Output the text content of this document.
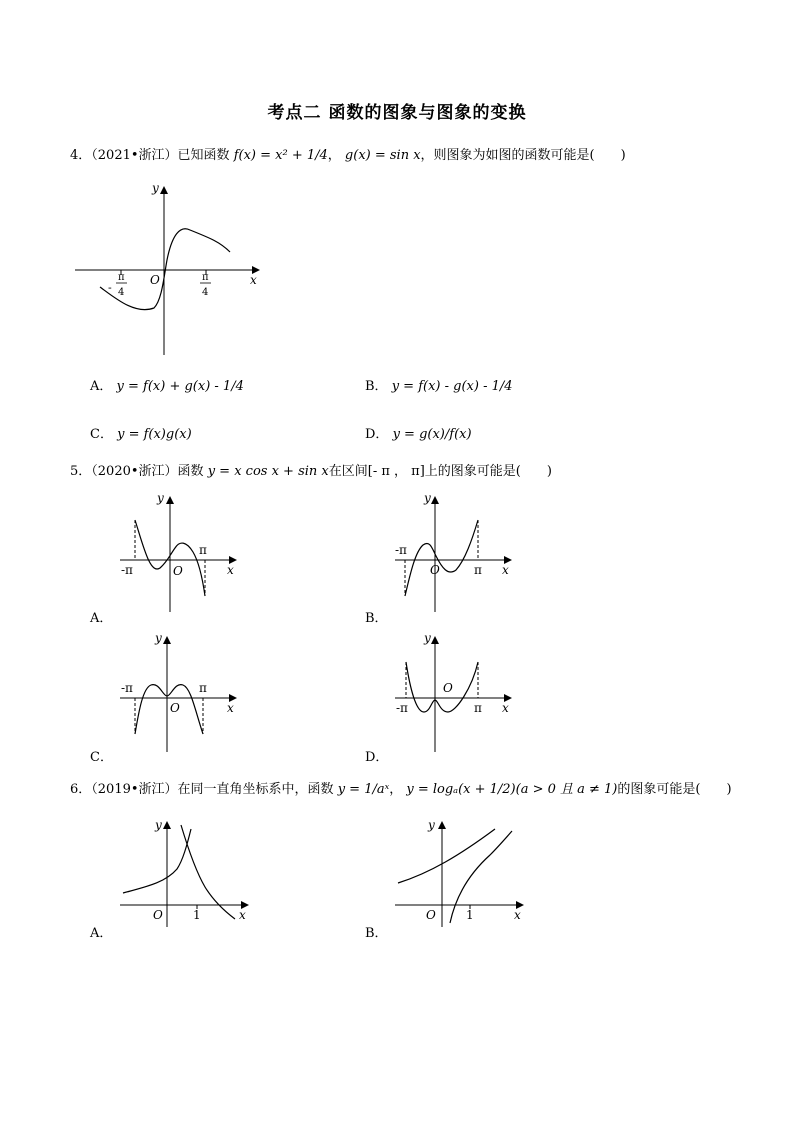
考点二 函数的图象与图象的变换
4．（2021•浙江）已知函数 f(x) = x² + 1/4， g(x) = sin x，则图象为如图的函数可能是(　　)
y
x
O
-
π
4
π
4
A． y = f(x) + g(x) - 1/4	B． y = f(x) - g(x) - 1/4
C． y = f(x)g(x)	D． y = g(x)/f(x)
5．（2020•浙江）函数 y = x cos x + sin x在区间[- π ， π]上的图象可能是(　　)
y
x
O
-π
π
A．
y
x
O
-π
π
B．
y
x
O
-π	π
C．
y
x
O
-π	π
D．
6．（2019•浙江）在同一直角坐标系中，函数 y = 1/aˣ， y = logₐ(x + 1/2)(a > 0 且 a ≠ 1)的图象可能是(　　)
y
x
O	1
A．
y
x
O	1
B．
